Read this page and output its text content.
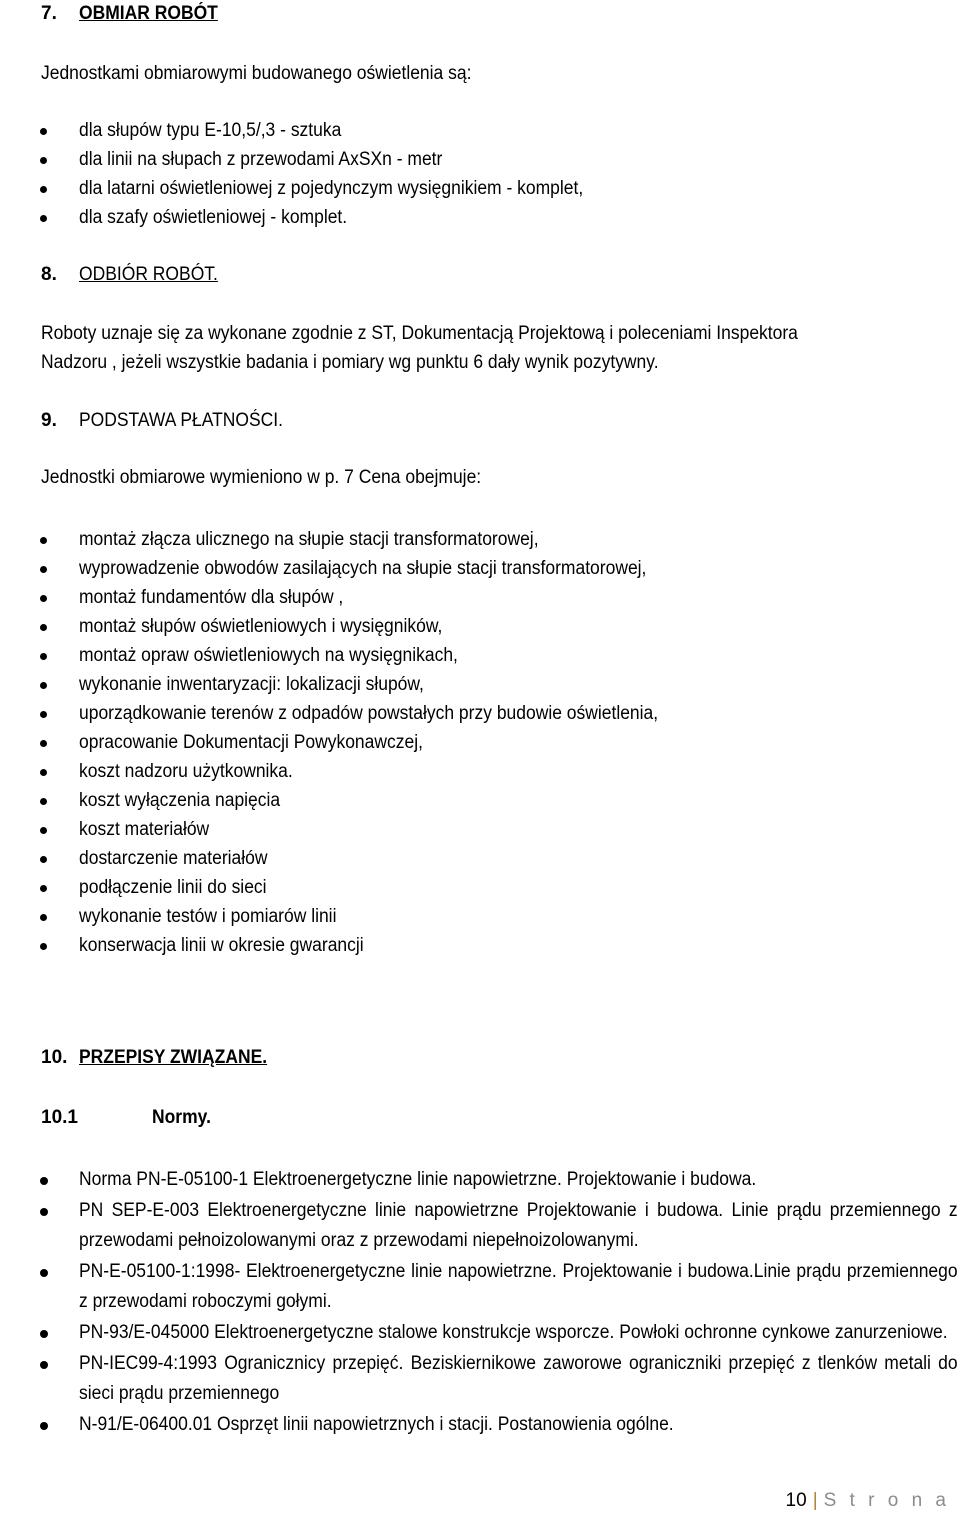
7. OBMIAR ROBÓT
Jednostkami obmiarowymi budowanego oświetlenia są:
dla słupów typu E-10,5/,3 - sztuka
dla linii na słupach z przewodami AxSXn - metr
dla latarni oświetleniowej z pojedynczym wysięgnikiem - komplet,
dla szafy oświetleniowej - komplet.
8. ODBIÓR ROBÓT.
Roboty uznaje się za wykonane zgodnie z ST, Dokumentacją Projektową i poleceniami Inspektora
Nadzoru , jeżeli wszystkie badania i pomiary wg punktu 6 dały wynik pozytywny.
9. PODSTAWA PŁATNOŚCI.
Jednostki obmiarowe wymieniono w p. 7 Cena obejmuje:
montaż złącza ulicznego na słupie stacji transformatorowej,
wyprowadzenie obwodów zasilających na słupie stacji transformatorowej,
montaż fundamentów dla słupów ,
montaż słupów oświetleniowych i wysięgników,
montaż opraw oświetleniowych na wysięgnikach,
wykonanie inwentaryzacji: lokalizacji słupów,
uporządkowanie terenów z odpadów powstałych przy budowie oświetlenia,
opracowanie Dokumentacji Powykonawczej,
koszt nadzoru użytkownika.
koszt wyłączenia napięcia
koszt materiałów
dostarczenie materiałów
podłączenie linii do sieci
wykonanie testów i pomiarów linii
konserwacja linii w okresie gwarancji
10. PRZEPISY ZWIĄZANE.
10.1	Normy.
Norma PN-E-05100-1 Elektroenergetyczne linie napowietrzne. Projektowanie i budowa.
PN SEP-E-003 Elektroenergetyczne linie napowietrzne Projektowanie i budowa. Linie prądu przemiennego z przewodami pełnoizolowanymi oraz z przewodami niepełnoizolowanymi.
PN-E-05100-1:1998- Elektroenergetyczne linie napowietrzne. Projektowanie i budowa.Linie prądu przemiennego z przewodami roboczymi gołymi.
PN-93/E-045000 Elektroenergetyczne stalowe konstrukcje wsporcze. Powłoki ochronne cynkowe zanurzeniowe.
PN-IEC99-4:1993 Ogranicznicy przepięć. Beziskiernikowe zaworowe ograniczniki przepięć z tlenków metali do sieci prądu przemiennego
N-91/E-06400.01 Osprzęt linii napowietrznych i stacji. Postanowienia ogólne.
10 | S t r o n a
